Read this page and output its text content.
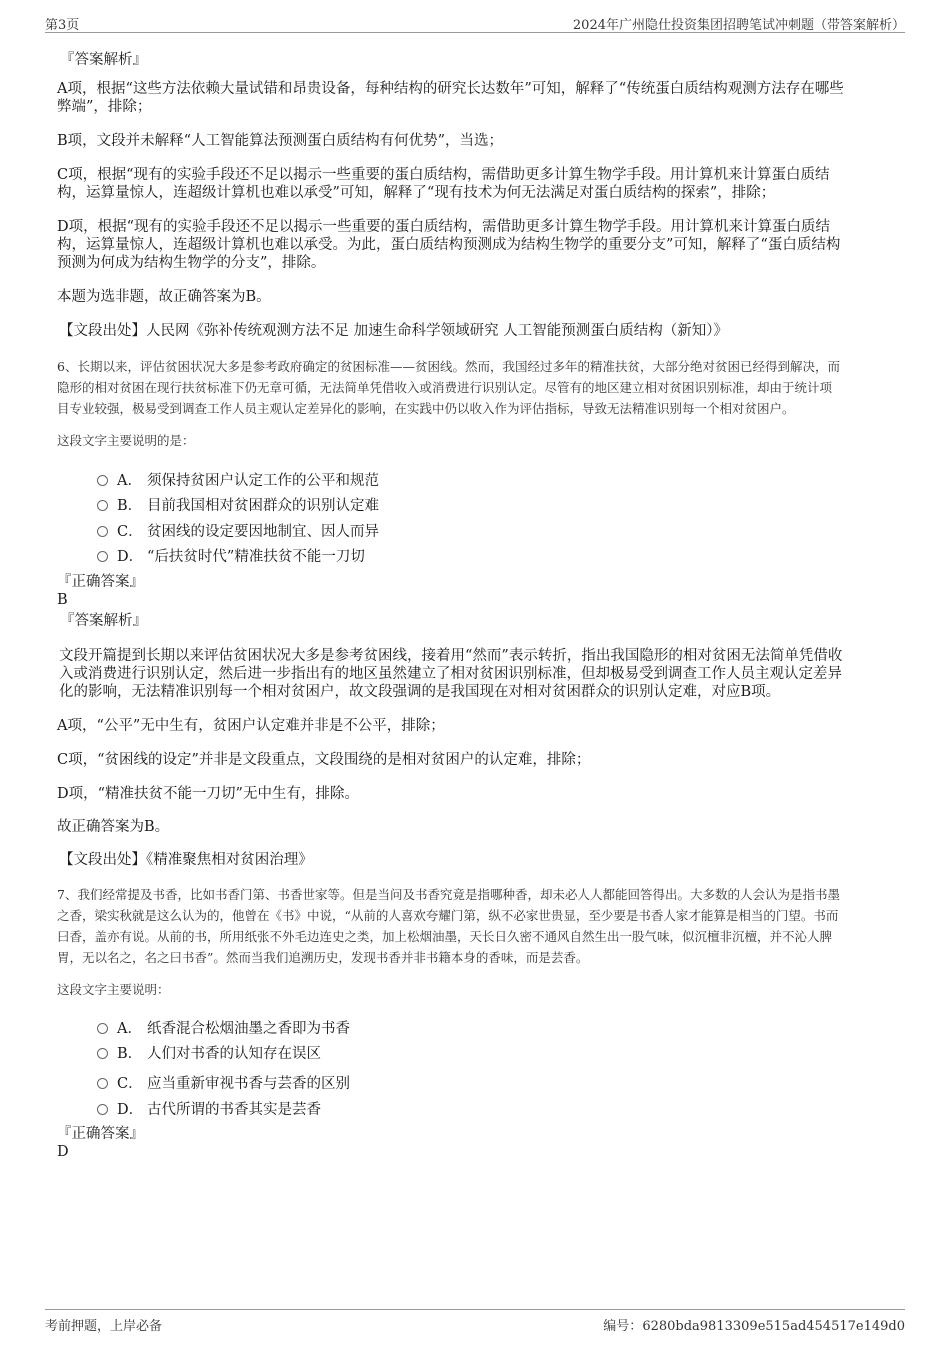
第3页	2024年广州隐仕投资集团招聘笔试冲刺题（带答案解析）
『答案解析』
A项，根据“这些方法依赖大量试错和昂贵设备，每种结构的研究长达数年”可知，解释了“传统蛋白质结构观测方法存在哪些
弊端”，排除；
B项，文段并未解释“人工智能算法预测蛋白质结构有何优势”，当选；
C项，根据“现有的实验手段还不足以揭示一些重要的蛋白质结构，需借助更多计算生物学手段。用计算机来计算蛋白质结
构，运算量惊人，连超级计算机也难以承受”可知，解释了“现有技术为何无法满足对蛋白质结构的探索”，排除；
D项，根据“现有的实验手段还不足以揭示一些重要的蛋白质结构，需借助更多计算生物学手段。用计算机来计算蛋白质结
构，运算量惊人，连超级计算机也难以承受。为此，蛋白质结构预测成为结构生物学的重要分支”可知，解释了“蛋白质结构
预测为何成为结构生物学的分支”，排除。
本题为选非题，故正确答案为B。
【文段出处】人民网《弥补传统观测方法不足 加速生命科学领域研究 人工智能预测蛋白质结构（新知）》
6、长期以来，评估贫困状况大多是参考政府确定的贫困标准——贫困线。然而，我国经过多年的精准扶贫，大部分绝对贫困已经得到解决，而
隐形的相对贫困在现行扶贫标准下仍无章可循，无法简单凭借收入或消费进行识别认定。尽管有的地区建立相对贫困识别标准，却由于统计项
目专业较强，极易受到调查工作人员主观认定差异化的影响，在实践中仍以收入作为评估指标，导致无法精准识别每一个相对贫困户。
这段文字主要说明的是：
A． 须保持贫困户认定工作的公平和规范
B． 目前我国相对贫困群众的识别认定难
C． 贫困线的设定要因地制宜、因人而异
D． “后扶贫时代”精准扶贫不能一刀切
『正确答案』
B
『答案解析』
文段开篇提到长期以来评估贫困状况大多是参考贫困线，接着用“然而”表示转折，指出我国隐形的相对贫困无法简单凭借收
入或消费进行识别认定，然后进一步指出有的地区虽然建立了相对贫困识别标准，但却极易受到调查工作人员主观认定差异
化的影响，无法精准识别每一个相对贫困户，故文段强调的是我国现在对相对贫困群众的识别认定难，对应B项。
A项，“公平”无中生有，贫困户认定难并非是不公平，排除；
C项，“贫困线的设定”并非是文段重点，文段围绕的是相对贫困户的认定难，排除；
D项，“精准扶贫不能一刀切”无中生有，排除。
故正确答案为B。
【文段出处】《精准聚焦相对贫困治理》
7、我们经常提及书香，比如书香门第、书香世家等。但是当问及书香究竟是指哪种香，却未必人人都能回答得出。大多数的人会认为是指书墨
之香，梁实秋就是这么认为的，他曾在《书》中说，“从前的人喜欢夸耀门第，纵不必家世贵显，至少要是书香人家才能算是相当的门望。书而
曰香，盖亦有说。从前的书，所用纸张不外毛边连史之类，加上松烟油墨，天长日久密不通风自然生出一股气味，似沉檀非沉檀，并不沁人脾
胃，无以名之，名之曰书香”。然而当我们追溯历史，发现书香并非书籍本身的香味，而是芸香。
这段文字主要说明：
A． 纸香混合松烟油墨之香即为书香
B． 人们对书香的认知存在误区
C． 应当重新审视书香与芸香的区别
D． 古代所谓的书香其实是芸香
『正确答案』
D
考前押题，上岸必备	编号：6280bda9813309e515ad454517e149d0
